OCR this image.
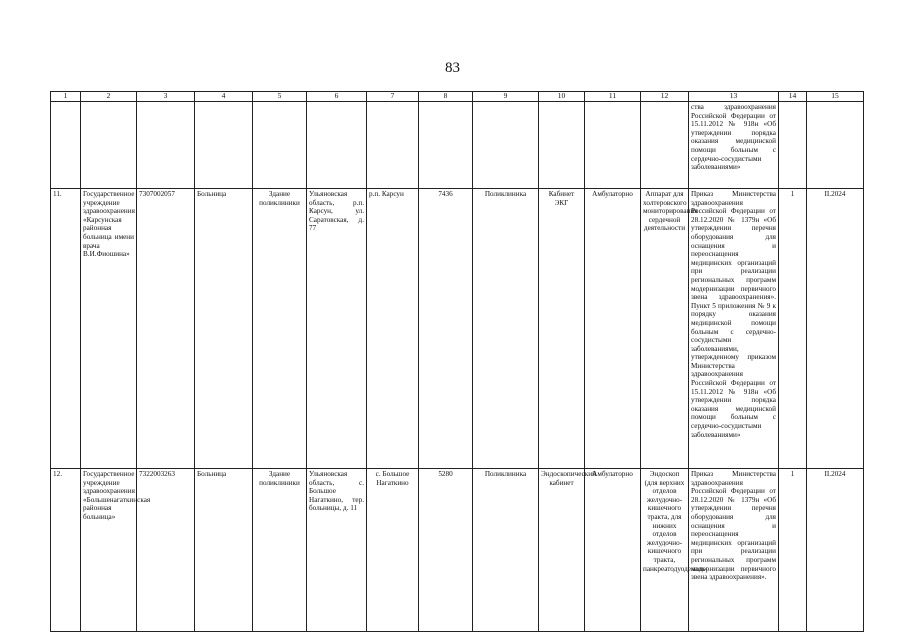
83
1	2	3	4	5	6	7	8	9	10	11	12	13	14	15
												ства здравоохранения Российской Федерации от 15.11.2012 № 918н «Об утверждении порядка оказания медицинской помощи больным с сердечно-сосудистыми заболеваниями»		
11.	Государственное учреждение здравоохранения «Карсунская районная больница имени врача В.И.Фиошина»	7307002057	Больница	Здание поликлиники	Ульяновская область, р.п. Карсун, ул. Саратовская, д. 77	р.п. Карсун	7436	Поликлиника	Кабинет ЭКГ	Амбулаторно	Аппарат для холтеровского мониторирования сердечной деятельности	Приказ Министерства здравоохранения Российской Федерации от 28.12.2020 № 1379н «Об утверждении перечня оборудования для оснащения и переоснащения медицинских организаций при реализации региональных программ модернизации первичного звена здравоохранения». Пункт 5 приложения № 9 к порядку оказания медицинской помощи больным с сердечно-сосудистыми заболеваниями, утвержденному приказом Министерства здравоохранения Российской Федерации от 15.11.2012 № 918н «Об утверждении порядка оказания медицинской помощи больным с сердечно-сосудистыми заболеваниями»	1	II.2024
12.	Государственное учреждение здравоохранения «Большенагаткинская районная больница»	7322003263	Больница	Здание поликлиники	Ульяновская область, с. Большое Нагаткино, тер. больницы, д. 11	с. Большое Нагаткино	5280	Поликлиника	Эндоскопический кабинет	Амбулаторно	Эндоскоп (для верхних отделов желудочно-кишечного тракта, для нижних отделов желудочно-кишечного тракта, панкреатодуоденаль-	Приказ Министерства здравоохранения Российской Федерации от 28.12.2020 № 1379н «Об утверждении перечня оборудования для оснащения и переоснащения медицинских организаций при реализации региональных программ модернизации первичного звена здравоохранения».	1	II.2024
